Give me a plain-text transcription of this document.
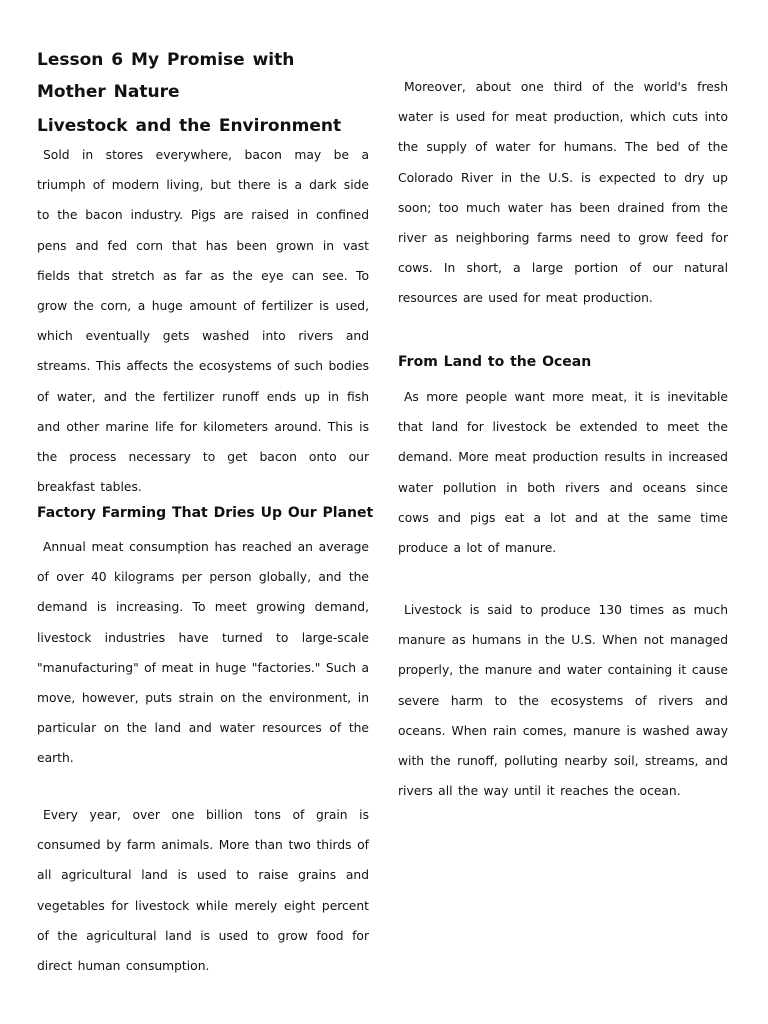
Lesson 6 My Promise with Mother Nature
Livestock and the Environment

Sold in stores everywhere, bacon may be a triumph of modern living, but there is a dark side to the bacon industry. Pigs are raised in confined pens and fed corn that has been grown in vast fields that stretch as far as the eye can see. To grow the corn, a huge amount of fertilizer is used, which eventually gets washed into rivers and streams. This affects the ecosystems of such bodies of water, and the fertilizer runoff ends up in fish and other marine life for kilometers around. This is the process necessary to get bacon onto our breakfast tables.

Factory Farming That Dries Up Our Planet

Annual meat consumption has reached an average of over 40 kilograms per person globally, and the demand is increasing. To meet growing demand, livestock industries have turned to large-scale "manufacturing" of meat in huge "factories." Such a move, however, puts strain on the environment, in particular on the land and water resources of the earth.

Every year, over one billion tons of grain is consumed by farm animals. More than two thirds of all agricultural land is used to raise grains and vegetables for livestock while merely eight percent of the agricultural land is used to grow food for direct human consumption.

Moreover, about one third of the world's fresh water is used for meat production, which cuts into the supply of water for humans. The bed of the Colorado River in the U.S. is expected to dry up soon; too much water has been drained from the river as neighboring farms need to grow feed for cows. In short, a large portion of our natural resources are used for meat production.

From Land to the Ocean

As more people want more meat, it is inevitable that land for livestock be extended to meet the demand. More meat production results in increased water pollution in both rivers and oceans since cows and pigs eat a lot and at the same time produce a lot of manure.

Livestock is said to produce 130 times as much manure as humans in the U.S. When not managed properly, the manure and water containing it cause severe harm to the ecosystems of rivers and oceans. When rain comes, manure is washed away with the runoff, polluting nearby soil, streams, and rivers all the way until it reaches the ocean.
